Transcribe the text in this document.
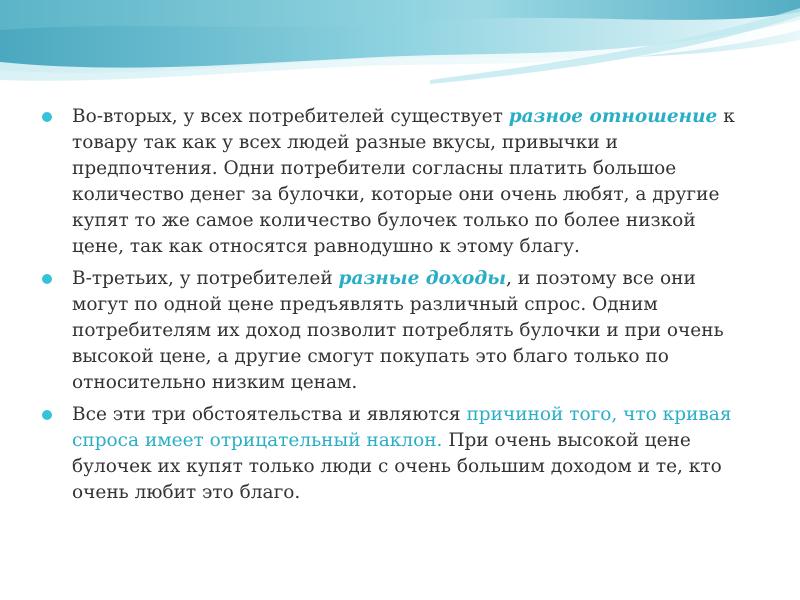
Во-вторых, у всех потребителей существует разное отношение к товару так как у всех людей разные вкусы, привычки и предпочтения. Одни потребители согласны платить большое количество денег за булочки, которые они очень любят, а другие купят то же самое количество булочек только по более низкой цене, так как относятся равнодушно к этому благу.

В-третьих, у потребителей разные доходы, и поэтому все они могут по одной цене предъявлять различный спрос. Одним потребителям их доход позволит потреблять булочки и при очень высокой цене, а другие смогут покупать это благо только по относительно низким ценам.

Все эти три обстоятельства и являются причиной того, что кривая спроса имеет отрицательный наклон. При очень высокой цене булочек их купят только люди с очень большим доходом и те, кто очень любит это благо.
